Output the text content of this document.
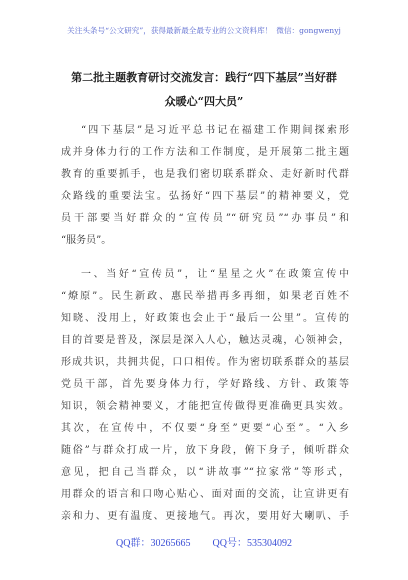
关注头条号“公文研究”，获得最新最全最专业的公文资料库！ 微信：gongwenyj
第二批主题教育研讨交流发言：践行“四下基层”当好群
众暖心“四大员”
“四下基层”是习近平总书记在福建工作期间探索形
成并身体力行的工作方法和工作制度，是开展第二批主题
教育的重要抓手，也是我们密切联系群众、走好新时代群
众路线的重要法宝。弘扬好“四下基层”的精神要义，党
员干部要当好群众的“宣传员”“研究员”“办事员”和
“服务员”。
一、当好“宣传员”，让“星星之火”在政策宣传中
“燎原”。民生新政、惠民举措再多再细，如果老百姓不
知晓、没用上，好政策也会止于“最后一公里”。宣传的
目的首要是普及，深层是深入人心，触达灵魂，心领神会，
形成共识，共拥共促，口口相传。作为密切联系群众的基层
党员干部，首先要身体力行，学好路线、方针、政策等
知识，领会精神要义，才能把宣传做得更准确更具实效。
其次，在宣传中，不仅要“身至”更要“心至”。“入乡
随俗”与群众打成一片，放下身段，俯下身子，倾听群众
意见，把自己当群众，以“讲故事”“拉家常”等形式，
用群众的语言和口吻心贴心、面对面的交流，让宣讲更有
亲和力、更有温度、更接地气。再次，要用好大喇叭、手
QQ群：30265665 QQ号：535304092
